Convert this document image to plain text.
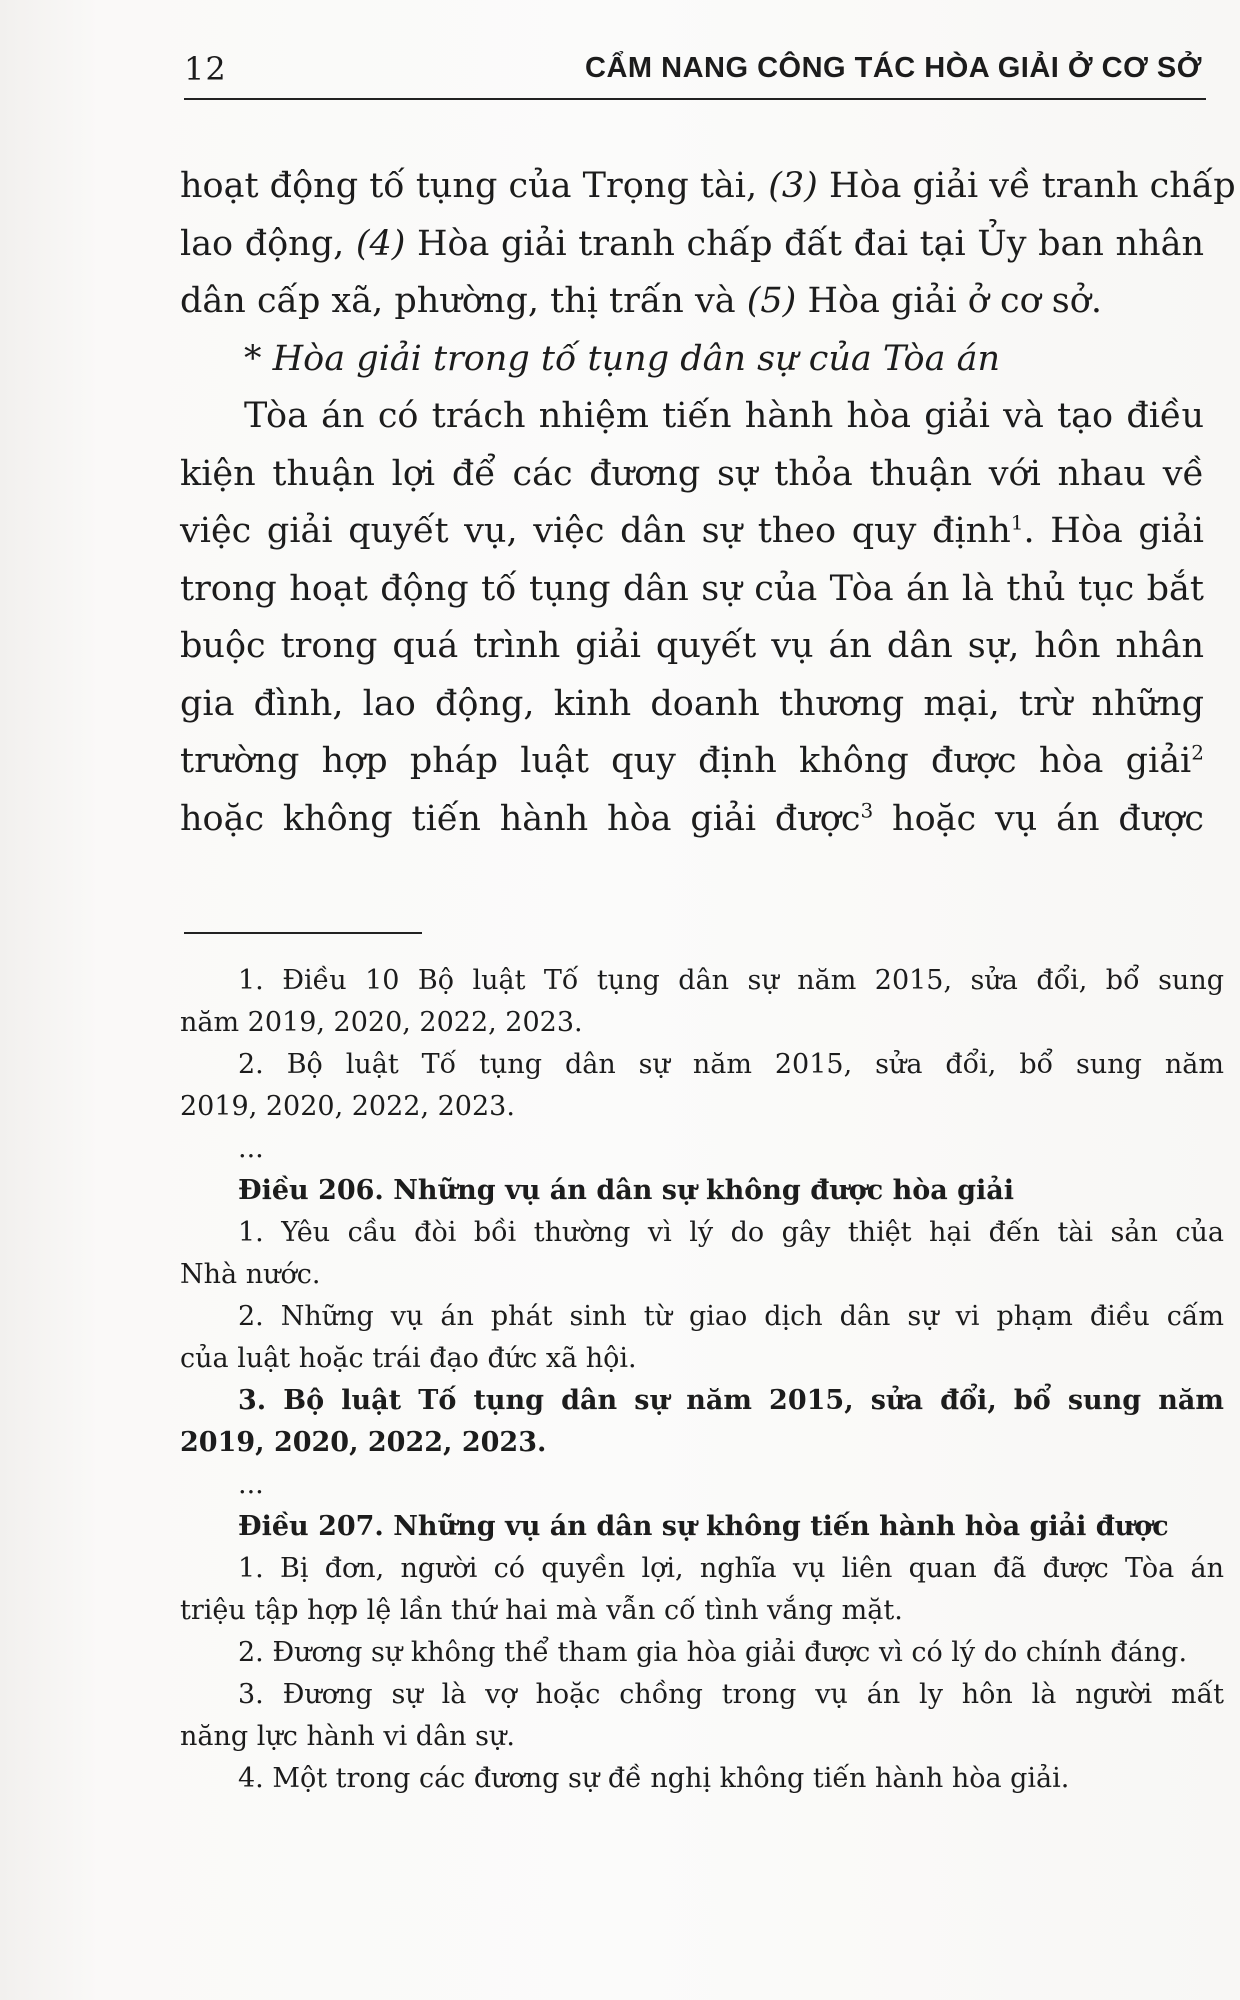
12	CẨM NANG CÔNG TÁC HÒA GIẢI Ở CƠ SỞ
hoạt động tố tụng của Trọng tài, (3) Hòa giải về tranh chấp
lao động, (4) Hòa giải tranh chấp đất đai tại Ủy ban nhân
dân cấp xã, phường, thị trấn và (5) Hòa giải ở cơ sở.
* Hòa giải trong tố tụng dân sự của Tòa án
Tòa án có trách nhiệm tiến hành hòa giải và tạo điều
kiện thuận lợi để các đương sự thỏa thuận với nhau về
việc giải quyết vụ, việc dân sự theo quy định$^1$. Hòa giải
trong hoạt động tố tụng dân sự của Tòa án là thủ tục bắt
buộc trong quá trình giải quyết vụ án dân sự, hôn nhân
gia đình, lao động, kinh doanh thương mại, trừ những
trường hợp pháp luật quy định không được hòa giải$^2$
hoặc không tiến hành hòa giải được$^3$ hoặc vụ án được
1. Điều 10 Bộ luật Tố tụng dân sự năm 2015, sửa đổi, bổ sung
năm 2019, 2020, 2022, 2023.
2. Bộ luật Tố tụng dân sự năm 2015, sửa đổi, bổ sung năm
2019, 2020, 2022, 2023.
...
Điều 206. Những vụ án dân sự không được hòa giải
1. Yêu cầu đòi bồi thường vì lý do gây thiệt hại đến tài sản của
Nhà nước.
2. Những vụ án phát sinh từ giao dịch dân sự vi phạm điều cấm
của luật hoặc trái đạo đức xã hội.
3. Bộ luật Tố tụng dân sự năm 2015, sửa đổi, bổ sung năm
2019, 2020, 2022, 2023.
...
Điều 207. Những vụ án dân sự không tiến hành hòa giải được
1. Bị đơn, người có quyền lợi, nghĩa vụ liên quan đã được Tòa án
triệu tập hợp lệ lần thứ hai mà vẫn cố tình vắng mặt.
2. Đương sự không thể tham gia hòa giải được vì có lý do chính đáng.
3. Đương sự là vợ hoặc chồng trong vụ án ly hôn là người mất
năng lực hành vi dân sự.
4. Một trong các đương sự đề nghị không tiến hành hòa giải.
